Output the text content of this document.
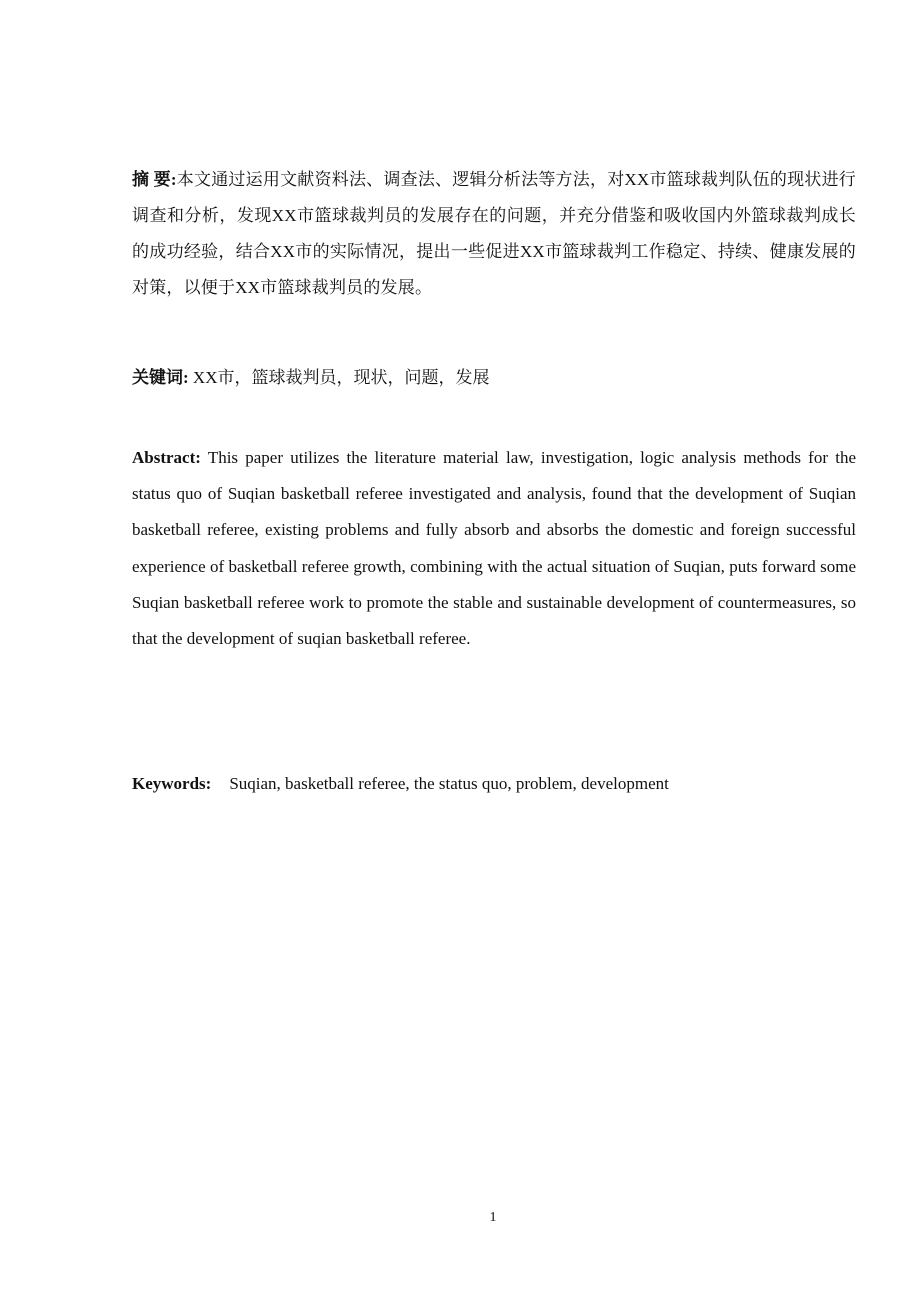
摘 要:本文通过运用文献资料法、调查法、逻辑分析法等方法，对XX市篮球裁判队伍的现状进行调查和分析，发现XX市篮球裁判员的发展存在的问题，并充分借鉴和吸收国内外篮球裁判成长的成功经验，结合XX市的实际情况，提出一些促进XX市篮球裁判工作稳定、持续、健康发展的对策，以便于XX市篮球裁判员的发展。
关键词: XX市，篮球裁判员，现状，问题，发展
Abstract: This paper utilizes the literature material law, investigation, logic analysis methods for the status quo of Suqian basketball referee investigated and analysis, found that the development of Suqian basketball referee, existing problems and fully absorb and absorbs the domestic and foreign successful experience of basketball referee growth, combining with the actual situation of Suqian, puts forward some Suqian basketball referee work to promote the stable and sustainable development of countermeasures, so that the development of suqian basketball referee.
Keywords: Suqian, basketball referee, the status quo, problem, development
1
